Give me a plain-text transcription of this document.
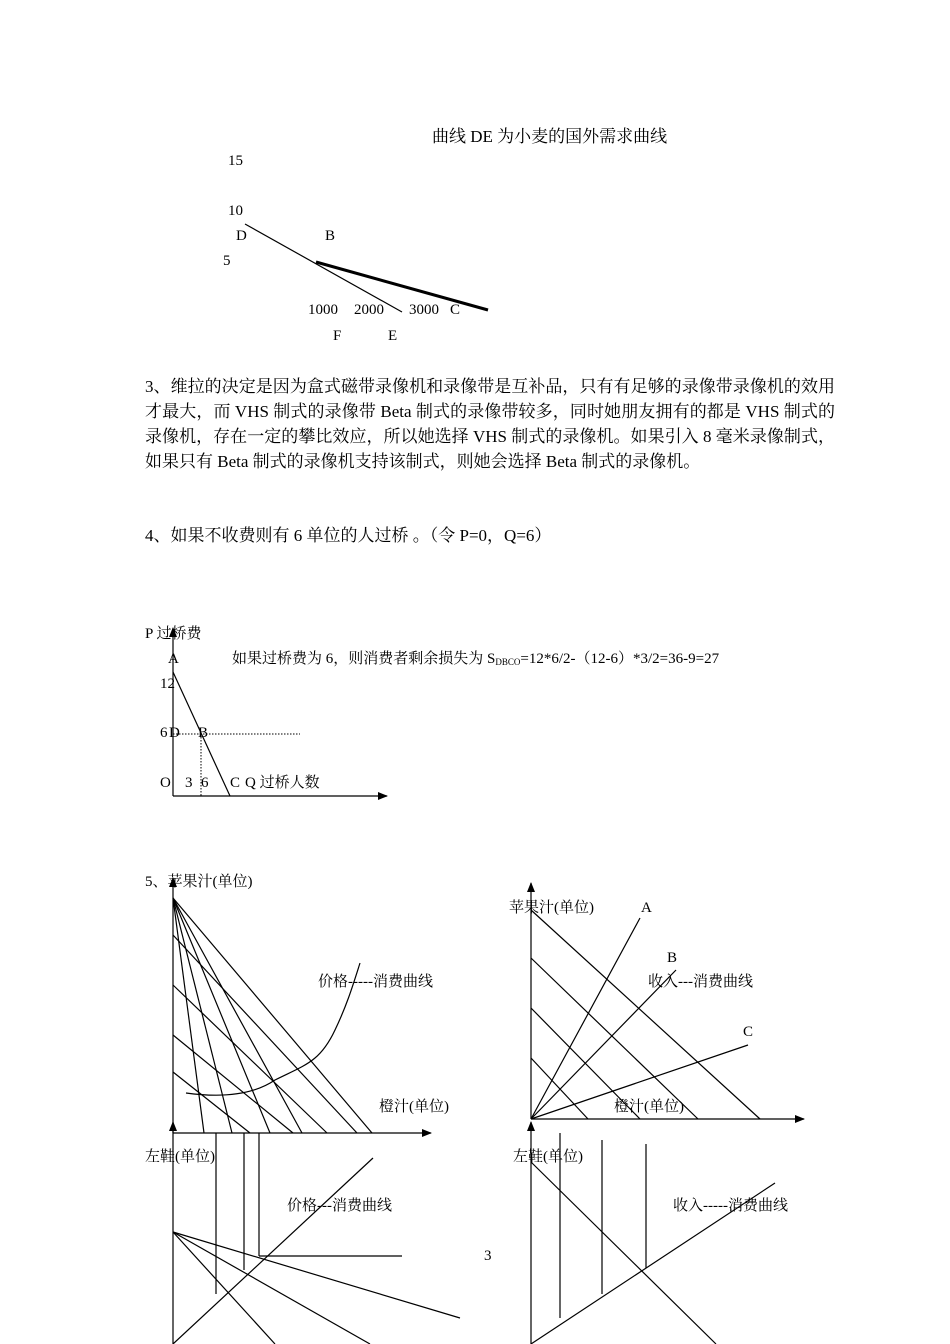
曲线 DE 为小麦的国外需求曲线
15
10
D	B
5
1000 2000 3000 C
F	E
3、维拉的决定是因为盒式磁带录像机和录像带是互补品，只有有足够的录像带录像机的效用才最大，而 VHS 制式的录像带 Beta 制式的录像带较多，同时她朋友拥有的都是 VHS 制式的录像机，存在一定的攀比效应，所以她选择 VHS 制式的录像机。如果引入 8 毫米录像制式，如果只有 Beta 制式的录像机支持该制式，则她会选择 Beta 制式的录像机。
4、如果不收费则有 6 单位的人过桥 。（令 P=0，Q=6）
P 过桥费
A	如果过桥费为 6，则消费者剩余损失为 $S_{DBCO}=12*6/2-(12-6)*3/2=36-9=27$
12
6 D B
O 3 6 C Q 过桥人数
5、苹果汁(单位)
价格-----消费曲线
橙汁(单位)
左鞋(单位)
价格---消费曲线
苹果汁(单位)	A
B
收入---消费曲线
C
橙汁(单位)
左鞋(单位)
收入-----消费曲线
3
